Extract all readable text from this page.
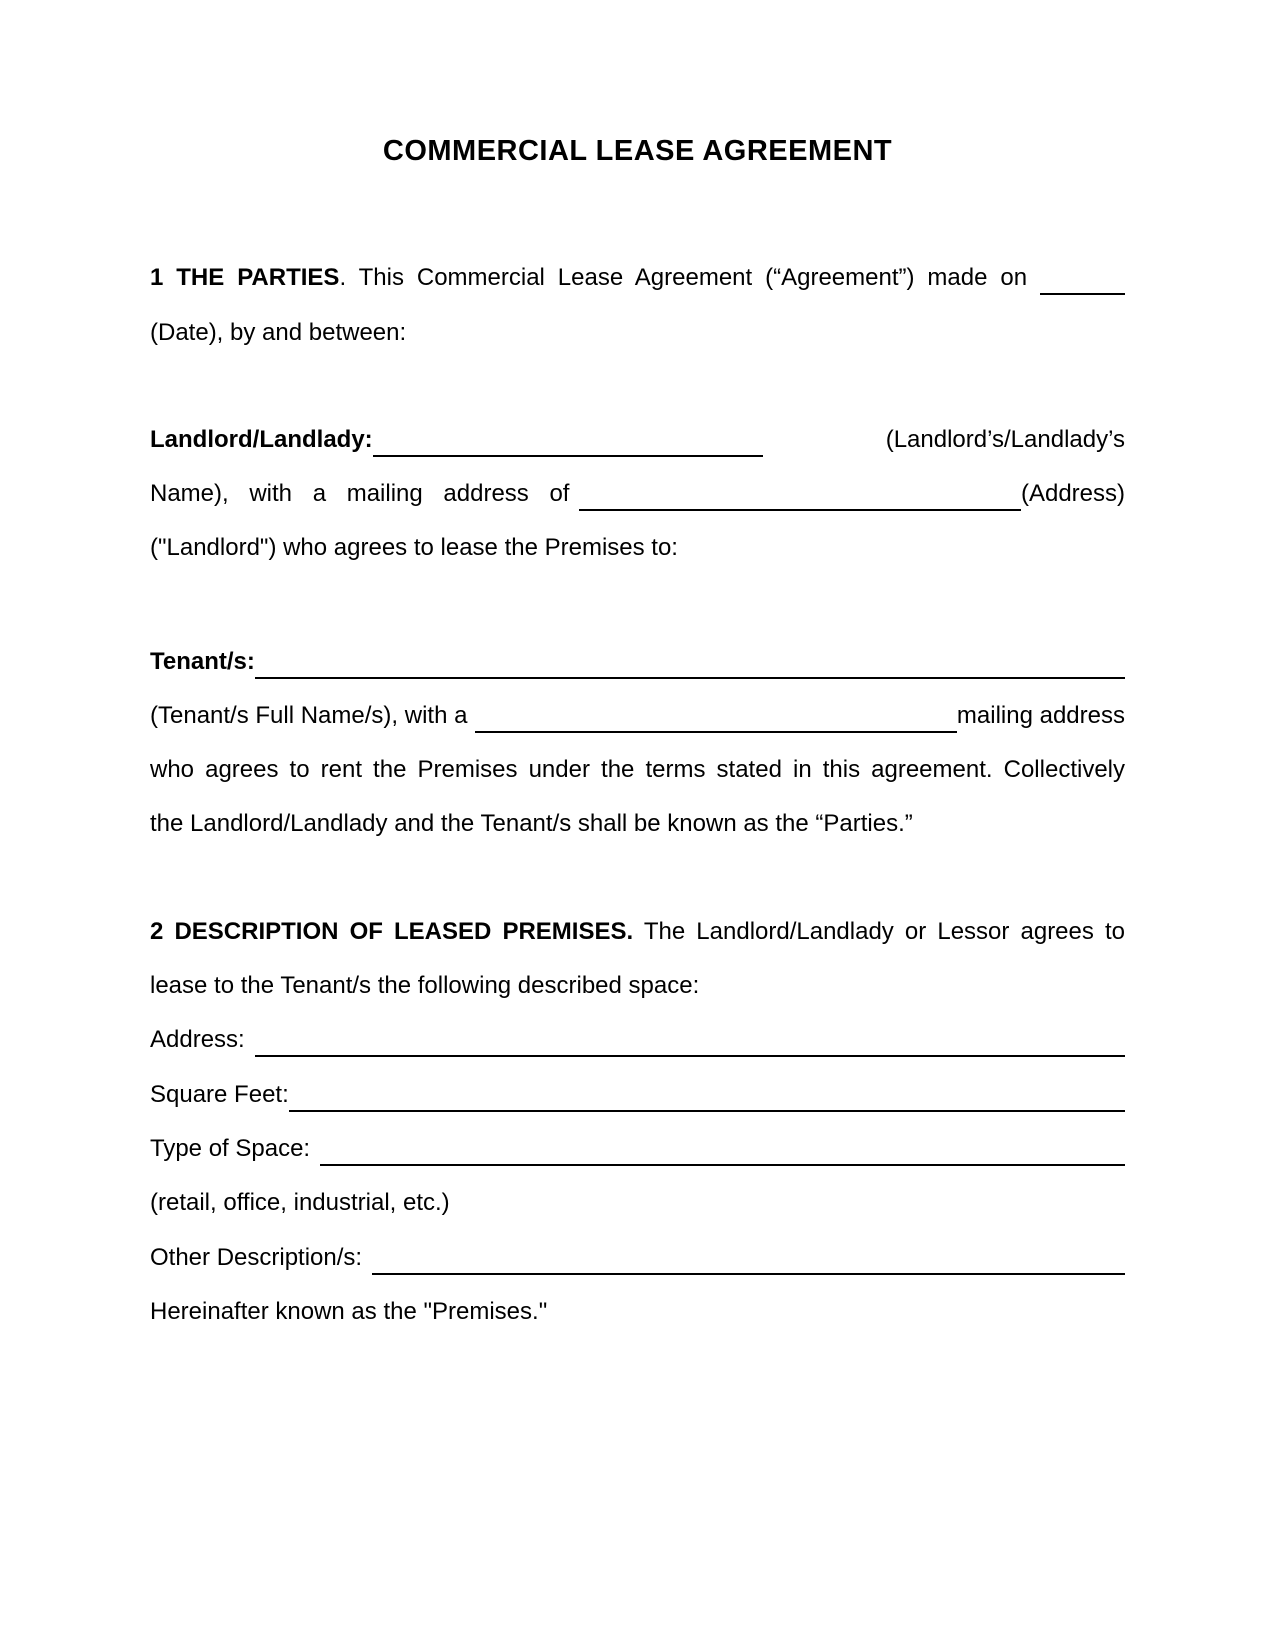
COMMERCIAL LEASE AGREEMENT
1 THE PARTIES. This Commercial Lease Agreement (“Agreement”) made on
(Date), by and between:
Landlord/Landlady:	(Landlord’s/Landlady’s
Name), with a mailing address of	(Address)
("Landlord") who agrees to lease the Premises to:
Tenant/s:
(Tenant/s Full Name/s), with a	mailing address
who agrees to rent the Premises under the terms stated in this agreement. Collectively
the Landlord/Landlady and the Tenant/s shall be known as the “Parties.”
2 DESCRIPTION OF LEASED PREMISES. The Landlord/Landlady or Lessor agrees to
lease to the Tenant/s the following described space:
Address:
Square Feet:
Type of Space:
(retail, office, industrial, etc.)
Other Description/s:
Hereinafter known as the "Premises."
